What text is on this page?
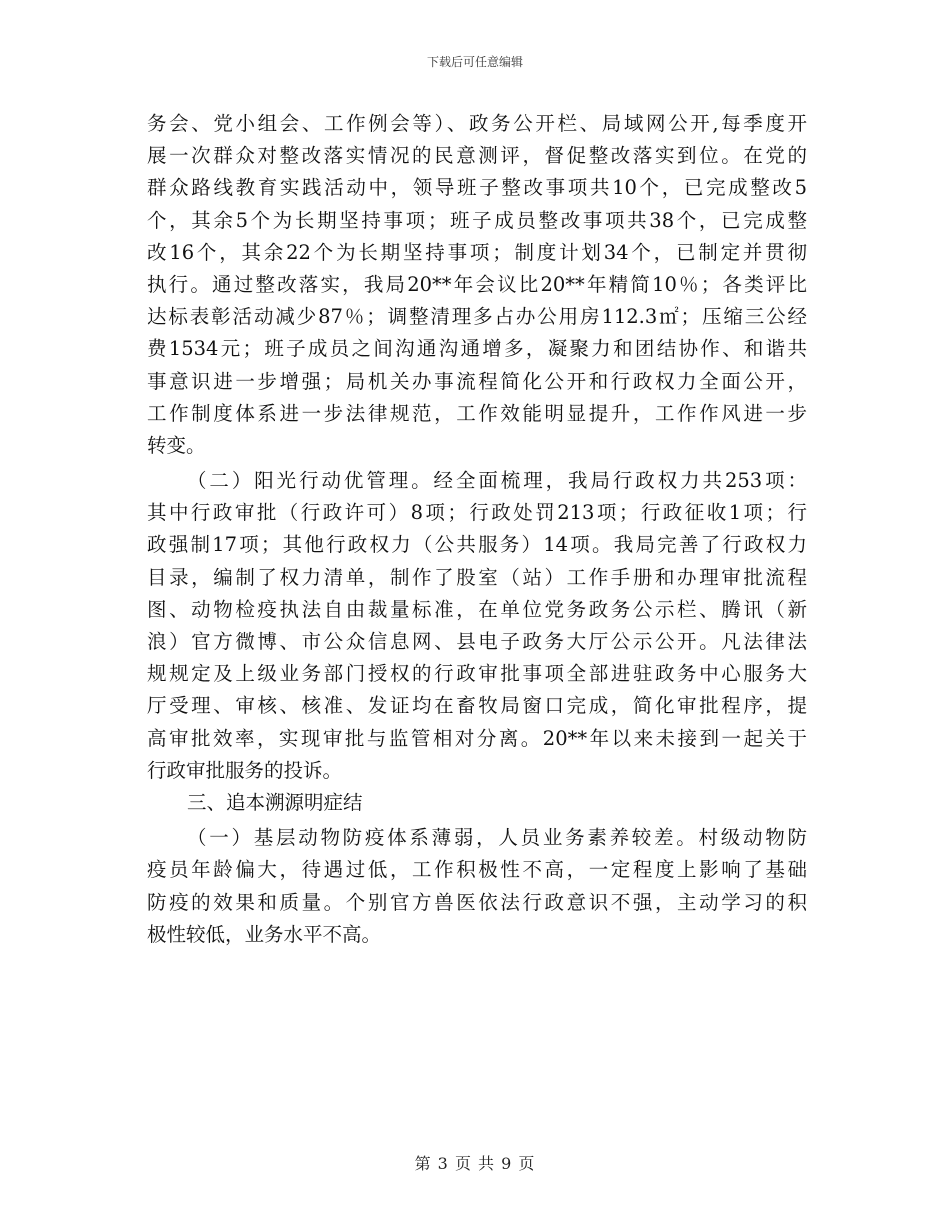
下载后可任意编辑
务会、党小组会、工作例会等）、政务公开栏、局域网公开,每季度开
展一次群众对整改落实情况的民意测评，督促整改落实到位。在党的
群众路线教育实践活动中，领导班子整改事项共10个，已完成整改5
个，其余5个为长期坚持事项；班子成员整改事项共38个，已完成整
改16个，其余22个为长期坚持事项；制度计划34个，已制定并贯彻
执行。通过整改落实，我局20**年会议比20**年精简10％；各类评比
达标表彰活动减少87％；调整清理多占办公用房112.3㎡；压缩三公经
费1534元；班子成员之间沟通沟通增多，凝聚力和团结协作、和谐共
事意识进一步增强；局机关办事流程简化公开和行政权力全面公开，
工作制度体系进一步法律规范，工作效能明显提升，工作作风进一步
转变。
（二）阳光行动优管理。经全面梳理，我局行政权力共253项：
其中行政审批（行政许可）8项；行政处罚213项；行政征收1项；行
政强制17项；其他行政权力（公共服务）14项。我局完善了行政权力
目录，编制了权力清单，制作了股室（站）工作手册和办理审批流程
图、动物检疫执法自由裁量标准，在单位党务政务公示栏、腾讯（新
浪）官方微博、市公众信息网、县电子政务大厅公示公开。凡法律法
规规定及上级业务部门授权的行政审批事项全部进驻政务中心服务大
厅受理、审核、核准、发证均在畜牧局窗口完成，简化审批程序，提
高审批效率，实现审批与监管相对分离。20**年以来未接到一起关于
行政审批服务的投诉。
三、追本溯源明症结
（一）基层动物防疫体系薄弱，人员业务素养较差。村级动物防
疫员年龄偏大，待遇过低，工作积极性不高，一定程度上影响了基础
防疫的效果和质量。个别官方兽医依法行政意识不强，主动学习的积
极性较低，业务水平不高。
第 3 页 共 9 页
